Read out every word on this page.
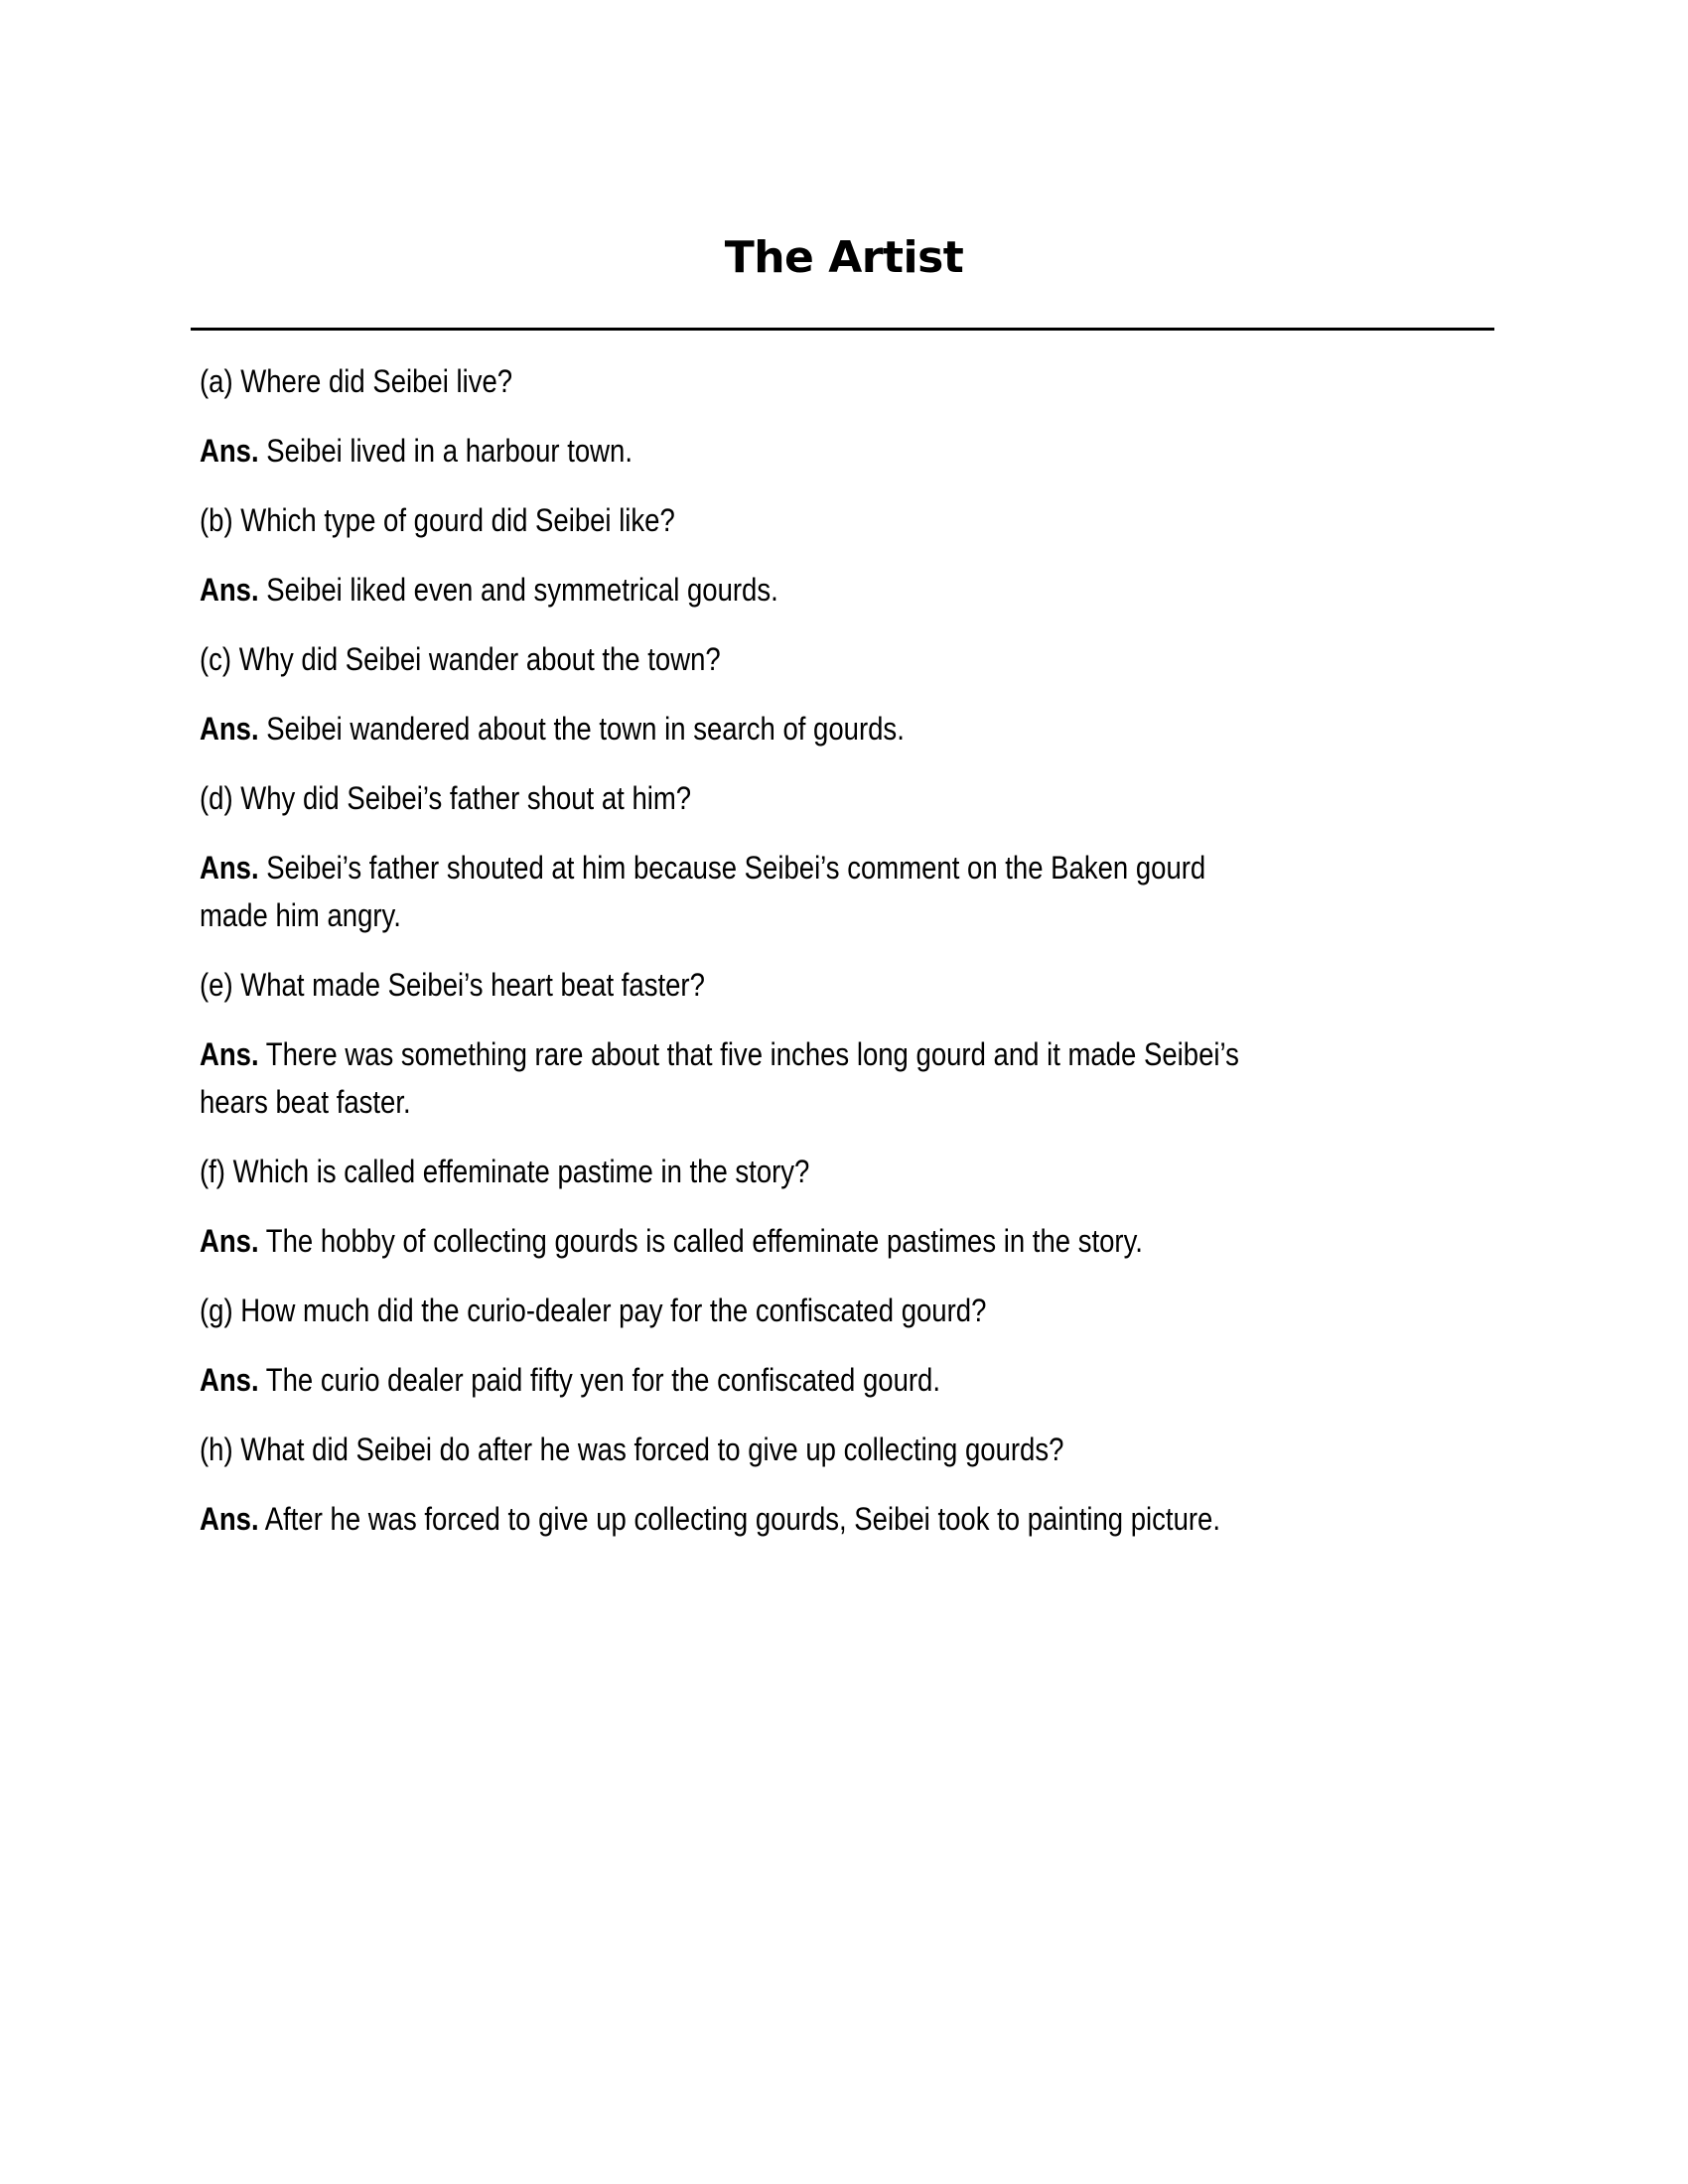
The Artist

(a) Where did Seibei live?

Ans. Seibei lived in a harbour town.

(b) Which type of gourd did Seibei like?

Ans. Seibei liked even and symmetrical gourds.

(c) Why did Seibei wander about the town?

Ans. Seibei wandered about the town in search of gourds.

(d) Why did Seibei’s father shout at him?

Ans. Seibei’s father shouted at him because Seibei’s comment on the Baken gourd
made him angry.

(e) What made Seibei’s heart beat faster?

Ans. There was something rare about that five inches long gourd and it made Seibei’s
hears beat faster.

(f) Which is called effeminate pastime in the story?

Ans. The hobby of collecting gourds is called effeminate pastimes in the story.

(g) How much did the curio-dealer pay for the confiscated gourd?

Ans. The curio dealer paid fifty yen for the confiscated gourd.

(h) What did Seibei do after he was forced to give up collecting gourds?

Ans. After he was forced to give up collecting gourds, Seibei took to painting picture.
